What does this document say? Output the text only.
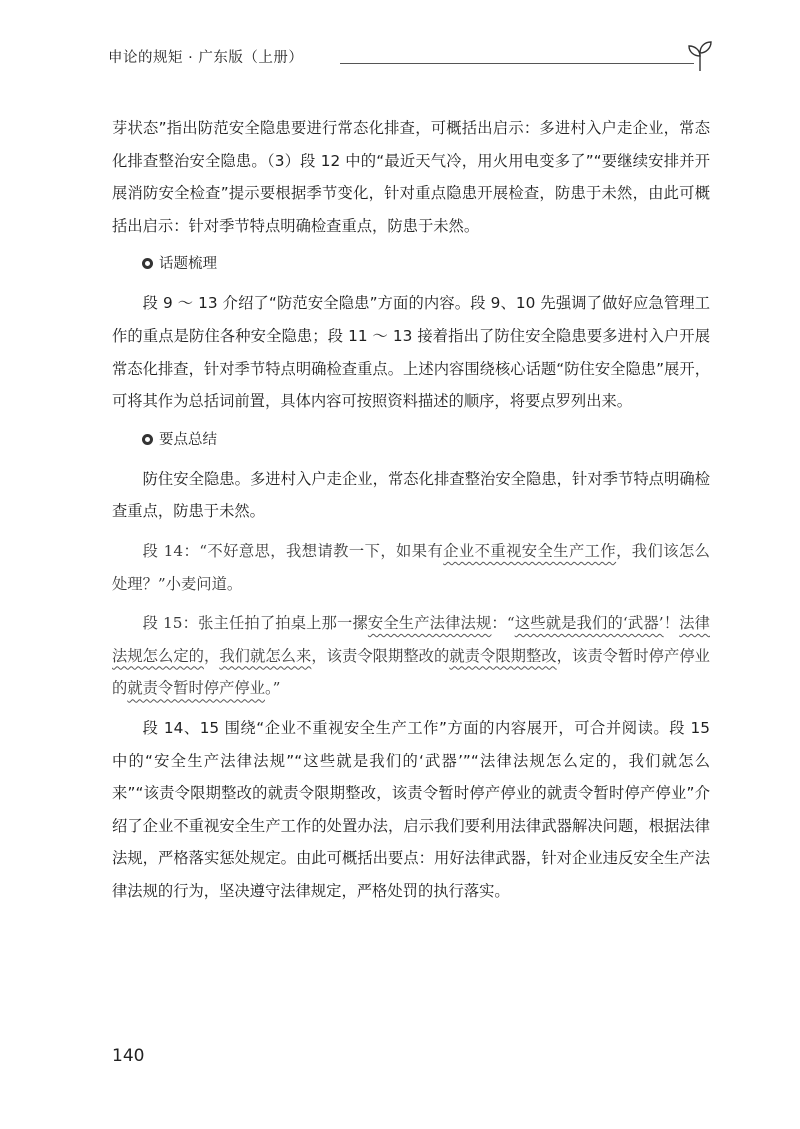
申论的规矩 · 广东版（上册）

芽状态”指出防范安全隐患要进行常态化排查，可概括出启示：多进村入户走企业，常态化排查整治安全隐患。（3）段 12 中的“最近天气冷，用火用电变多了”“要继续安排并开展消防安全检查”提示要根据季节变化，针对重点隐患开展检查，防患于未然，由此可概括出启示：针对季节特点明确检查重点，防患于未然。

话题梳理

段 9 ～ 13 介绍了“防范安全隐患”方面的内容。段 9、10 先强调了做好应急管理工作的重点是防住各种安全隐患；段 11 ～ 13 接着指出了防住安全隐患要多进村入户开展常态化排查，针对季节特点明确检查重点。上述内容围绕核心话题“防住安全隐患”展开，可将其作为总括词前置，具体内容可按照资料描述的顺序，将要点罗列出来。

要点总结

防住安全隐患。多进村入户走企业，常态化排查整治安全隐患，针对季节特点明确检查重点，防患于未然。

段 14：“不好意思，我想请教一下，如果有企业不重视安全生产工作，我们该怎么处理？”小麦问道。

段 15：张主任拍了拍桌上那一摞安全生产法律法规：“这些就是我们的‘武器’！法律法规怎么定的，我们就怎么来，该责令限期整改的就责令限期整改，该责令暂时停产停业的就责令暂时停产停业。”

段 14、15 围绕“企业不重视安全生产工作”方面的内容展开，可合并阅读。段 15 中的“安全生产法律法规”“这些就是我们的‘武器’”“法律法规怎么定的，我们就怎么来”“该责令限期整改的就责令限期整改，该责令暂时停产停业的就责令暂时停产停业”介绍了企业不重视安全生产工作的处置办法，启示我们要利用法律武器解决问题，根据法律法规，严格落实惩处规定。由此可概括出要点：用好法律武器，针对企业违反安全生产法律法规的行为，坚决遵守法律规定，严格处罚的执行落实。

140
